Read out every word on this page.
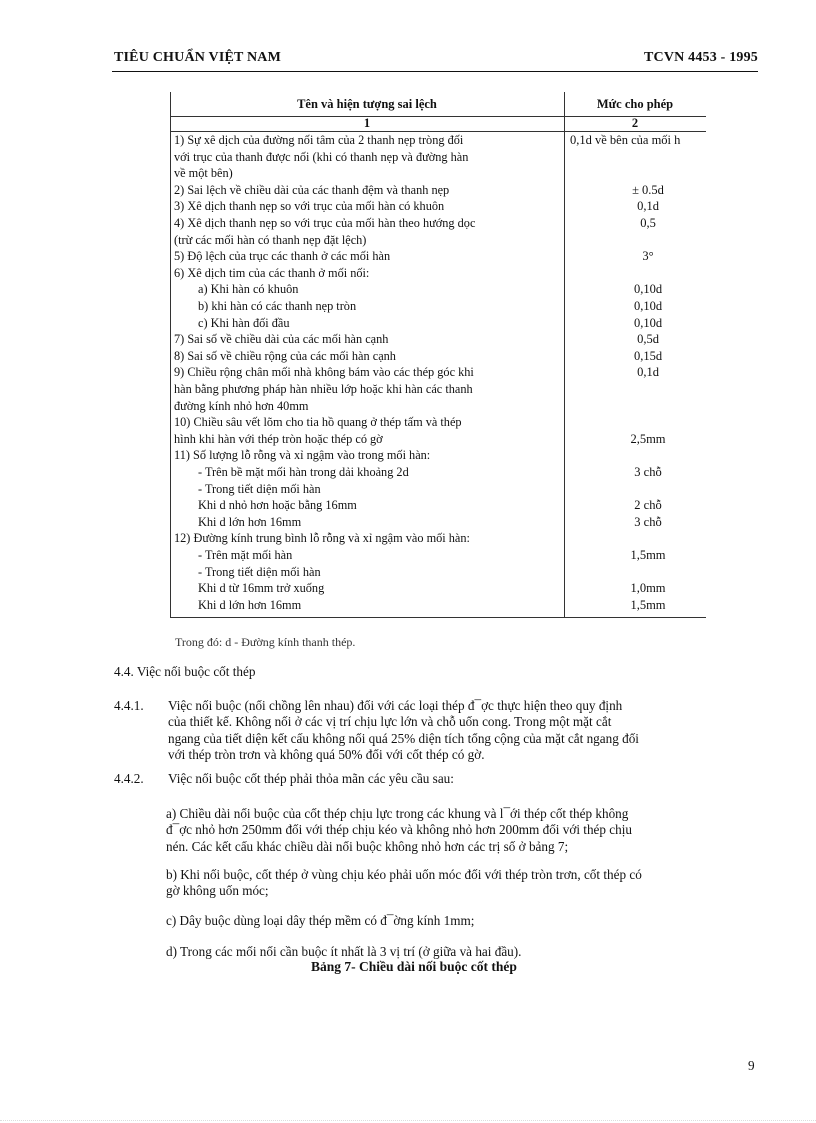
TIÊU CHUẨN VIỆT NAM	TCVN 4453 - 1995
Tên và hiện tượng sai lệch	Mức cho phép
1	2
1) Sự xê dịch của đường nối tâm của 2 thanh nẹp tròng đối	0,1d về bên của mối h
với trục của thanh được nối (khi có thanh nẹp và đường hàn
về một bên)
2) Sai lệch về chiều dài của các thanh đệm và thanh nẹp	± 0.5d
3) Xê dịch thanh nẹp so với trục của mối hàn có khuôn	0,1d
4) Xê dịch thanh nẹp so với trục của mối hàn theo hướng dọc	0,5
(trừ các mối hàn có thanh nẹp đặt lệch)
5) Độ lệch của trục các thanh ở các mối hàn	3°
6) Xê dịch tim của các thanh ở mối nối:
a) Khi hàn có khuôn	0,10d
b) khi hàn có các thanh nẹp tròn	0,10d
c) Khi hàn đối đầu	0,10d
7) Sai số về chiều dài của các mối hàn cạnh	0,5d
8) Sai số về chiều rộng của các mối hàn cạnh	0,15d
9) Chiều rộng chân mối nhà không bám vào các thép góc khi	0,1d
hàn bằng phương pháp hàn nhiều lớp hoặc khi hàn các thanh
đường kính nhỏ hơn 40mm
10) Chiều sâu vết lõm cho tia hồ quang ở thép tấm và thép
hình khi hàn với thép tròn hoặc thép có gờ	2,5mm
11) Số lượng lỗ rỗng và xỉ ngậm vào trong mối hàn:
- Trên bề mặt mối hàn trong dải khoảng 2d	3 chỗ
- Trong tiết diện mối hàn
Khi d nhỏ hơn hoặc bằng 16mm	2 chỗ
Khi d lớn hơn 16mm	3 chỗ
12) Đường kính trung bình lỗ rỗng và xỉ ngậm vào mối hàn:
- Trên mặt mối hàn	1,5mm
- Trong tiết diện mối hàn
Khi d từ 16mm trở xuống	1,0mm
Khi d lớn hơn 16mm	1,5mm
Trong đó: d - Đường kính thanh thép.
4.4. Việc nối buộc cốt thép
4.4.1. Việc nối buộc (nối chồng lên nhau) đối với các loại thép đ¯ợc thực hiện theo quy định
của thiết kế. Không nối ở các vị trí chịu lực lớn và chỗ uốn cong. Trong một mặt cắt
ngang của tiết diện kết cấu không nối quá 25% diện tích tổng cộng của mặt cắt ngang đối
với thép tròn trơn và không quá 50% đối với cốt thép có gờ.
4.4.2. Việc nối buộc cốt thép phải thỏa mãn các yêu cầu sau:
a) Chiều dài nối buộc của cốt thép chịu lực trong các khung và l¯ới thép cốt thép không
đ¯ợc nhỏ hơn 250mm đối với thép chịu kéo và không nhỏ hơn 200mm đối với thép chịu
nén. Các kết cấu khác chiều dài nối buộc không nhỏ hơn các trị số ở bảng 7;
b) Khi nối buộc, cốt thép ở vùng chịu kéo phải uốn móc đối với thép tròn trơn, cốt thép có
gờ không uốn móc;
c) Dây buộc dùng loại dây thép mềm có đ¯ờng kính 1mm;
d) Trong các mối nối cần buộc ít nhất là 3 vị trí (ở giữa và hai đầu).
Bảng 7- Chiều dài nối buộc cốt thép
9
